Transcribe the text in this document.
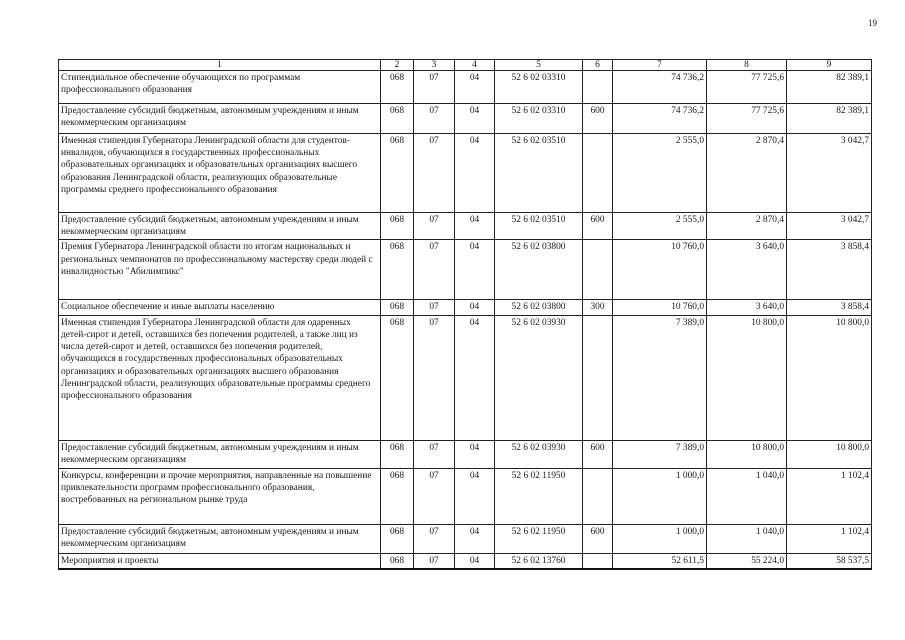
19
1	2	3	4	5	6	7	8	9
Стипендиальное обеспечение обучающихся по программам профессионального образования	068	07	04	52 6 02 03310		74 736,2	77 725,6	82 389,1
Предоставление субсидий бюджетным, автономным учреждениям и иным некоммерческим организациям	068	07	04	52 6 02 03310	600	74 736,2	77 725,6	82 389,1
Именная стипендия Губернатора Ленинградской области для студентов-инвалидов, обучающихся в государственных профессиональных образовательных организациях и образовательных организациях высшего образования Ленинградской области, реализующих образовательные программы среднего профессионального образования	068	07	04	52 6 02 03510		2 555,0	2 870,4	3 042,7
Предоставление субсидий бюджетным, автономным учреждениям и иным некоммерческим организациям	068	07	04	52 6 02 03510	600	2 555,0	2 870,4	3 042,7
Премия Губернатора Ленинградской области по итогам национальных и региональных чемпионатов по профессиональному мастерству среди людей с инвалидностью "Абилимпикс"	068	07	04	52 6 02 03800		10 760,0	3 640,0	3 858,4
Социальное обеспечение и иные выплаты населению	068	07	04	52 6 02 03800	300	10 760,0	3 640,0	3 858,4
Именная стипендия Губернатора Ленинградской области для одаренных детей-сирот и детей, оставшихся без попечения родителей, а также лиц из числа детей-сирот и детей, оставшихся без попечения родителей, обучающихся в государственных профессиональных образовательных организациях и образовательных организациях высшего образования Ленинградской области, реализующих образовательные программы среднего профессионального образования	068	07	04	52 6 02 03930		7 389,0	10 800,0	10 800,0
Предоставление субсидий бюджетным, автономным учреждениям и иным некоммерческим организациям	068	07	04	52 6 02 03930	600	7 389,0	10 800,0	10 800,0
Конкурсы, конференции и прочие мероприятия, направленные на повышение привлекательности программ профессионального образования, востребованных на региональном рынке труда	068	07	04	52 6 02 11950		1 000,0	1 040,0	1 102,4
Предоставление субсидий бюджетным, автономным учреждениям и иным некоммерческим организациям	068	07	04	52 6 02 11950	600	1 000,0	1 040,0	1 102,4
Мероприятия и проекты	068	07	04	52 6 02 13760		52 611,5	55 224,0	58 537,5
